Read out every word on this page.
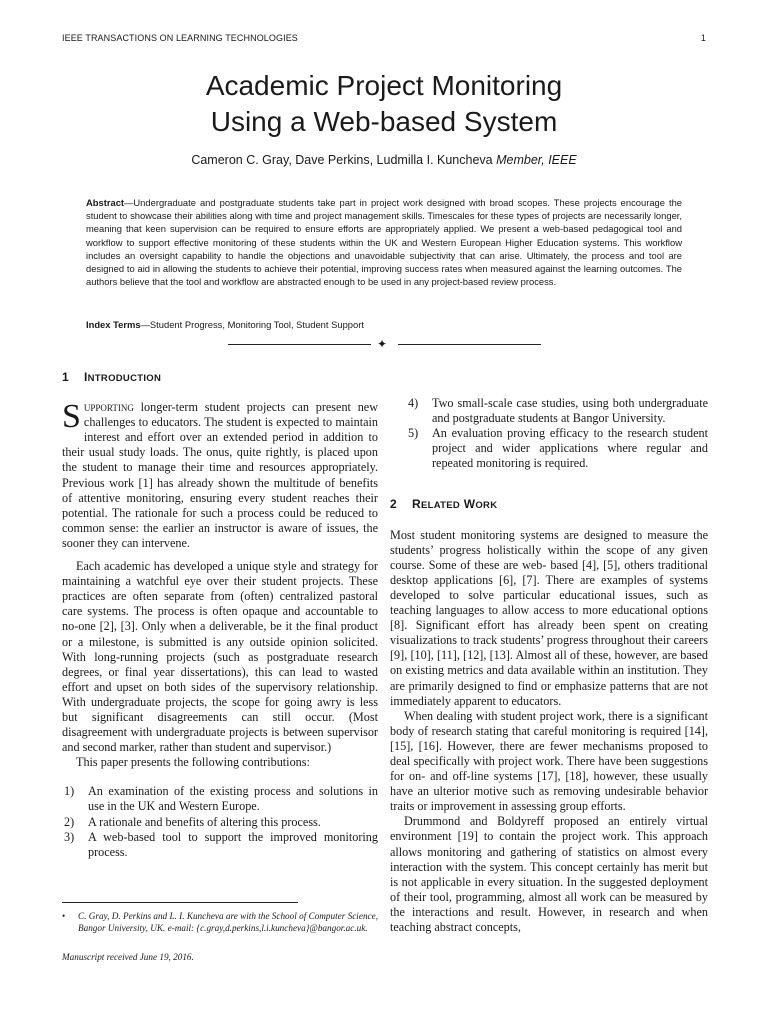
IEEE TRANSACTIONS ON LEARNING TECHNOLOGIES	1
Academic Project Monitoring
Using a Web-based System
Cameron C. Gray, Dave Perkins, Ludmilla I. Kuncheva Member, IEEE
Abstract—Undergraduate and postgraduate students take part in project work designed with broad scopes. These projects encourage the student to showcase their abilities along with time and project management skills. Timescales for these types of projects are necessarily longer, meaning that keen supervision can be required to ensure efforts are appropriately applied. We present a web-based pedagogical tool and workflow to support effective monitoring of these students within the UK and Western European Higher Education systems. This workflow includes an oversight capability to handle the objections and unavoidable subjectivity that can arise. Ultimately, the process and tool are designed to aid in allowing the students to achieve their potential, improving success rates when measured against the learning outcomes. The authors believe that the tool and workflow are abstracted enough to be used in any project-based review process.
Index Terms—Student Progress, Monitoring Tool, Student Support
✦
1 INTRODUCTION

Supporting longer-term student projects can present new challenges to educators. The student is expected to maintain interest and effort over an extended period in addition to their usual study loads. The onus, quite rightly, is placed upon the student to manage their time and resources appropriately. Previous work [1] has already shown the multitude of benefits of attentive monitoring, ensuring every student reaches their potential. The rationale for such a process could be reduced to common sense: the earlier an instructor is aware of issues, the sooner they can intervene.

Each academic has developed a unique style and strategy for maintaining a watchful eye over their student projects. These practices are often separate from (often) centralized pastoral care systems. The process is often opaque and accountable to no-one [2], [3]. Only when a deliverable, be it the final product or a milestone, is submitted is any outside opinion solicited. With long-running projects (such as postgraduate research degrees, or final year dissertations), this can lead to wasted effort and upset on both sides of the supervisory relationship. With undergraduate projects, the scope for going awry is less but significant disagreements can still occur. (Most disagreement with undergraduate projects is between supervisor and second marker, rather than student and supervisor.)

This paper presents the following contributions:

1) An examination of the existing process and solutions in use in the UK and Western Europe.
2) A rationale and benefits of altering this process.
3) A web-based tool to support the improved monitoring process.
•	C. Gray, D. Perkins and L. I. Kuncheva are with the School of Computer Science, Bangor University, UK. e-mail: {c.gray,d.perkins,l.i.kuncheva}@bangor.ac.uk.
Manuscript received June 19, 2016.
4) Two small-scale case studies, using both undergraduate and postgraduate students at Bangor University.
5) An evaluation proving efficacy to the research student project and wider applications where regular and repeated monitoring is required.
2 RELATED WORK

Most student monitoring systems are designed to measure the students’ progress holistically within the scope of any given course. Some of these are web- based [4], [5], others traditional desktop applications [6], [7]. There are examples of systems developed to solve particular educational issues, such as teaching languages to allow access to more educational options [8]. Significant effort has already been spent on creating visualizations to track students’ progress throughout their careers [9], [10], [11], [12], [13]. Almost all of these, however, are based on existing metrics and data available within an institution. They are primarily designed to find or emphasize patterns that are not immediately apparent to educators.

When dealing with student project work, there is a significant body of research stating that careful monitoring is required [14], [15], [16]. However, there are fewer mechanisms proposed to deal specifically with project work. There have been suggestions for on- and off-line systems [17], [18], however, these usually have an ulterior motive such as removing undesirable behavior traits or improvement in assessing group efforts.

Drummond and Boldyreff proposed an entirely virtual environment [19] to contain the project work. This approach allows monitoring and gathering of statistics on almost every interaction with the system. This concept certainly has merit but is not applicable in every situation. In the suggested deployment of their tool, programming, almost all work can be measured by the interactions and result. However, in research and when teaching abstract concepts,
